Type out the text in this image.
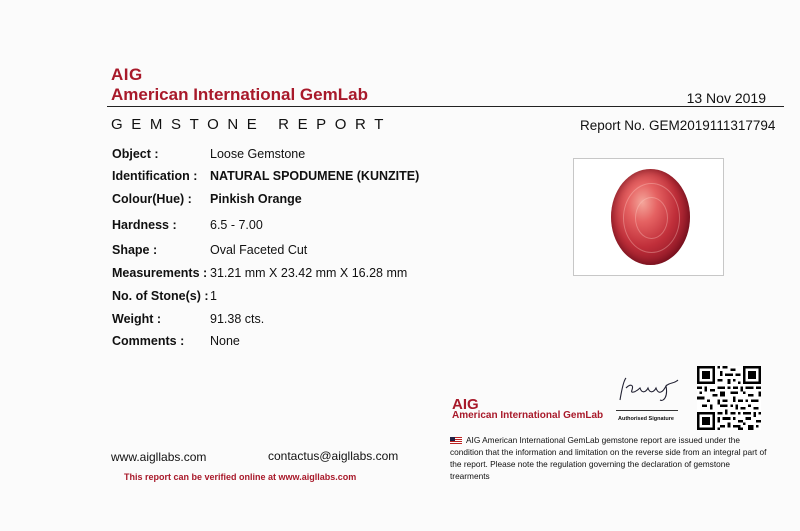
AIG
American International GemLab	13 Nov 2019
GEMSTONE REPORT	Report No. GEM2019111317794
Object :	Loose Gemstone
Identification : NATURAL SPODUMENE (KUNZITE)
Colour(Hue) : Pinkish Orange
Hardness :	6.5 - 7.00
Shape :	Oval Faceted Cut
Measurements : 31.21 mm X 23.42 mm X 16.28 mm
No. of Stone(s) : 1
Weight :	91.38 cts.
Comments : None
AIG
American International GemLab	Authorised Signature
AIG American International GemLab gemstone report are issued under the condition that the information and limitation on the reverse side from an integral part of the report. Please note the regulation governing the declaration of gemstone trearments
www.aigllabs.com	contactus@aigllabs.com
This report can be verified online at www.aigllabs.com
